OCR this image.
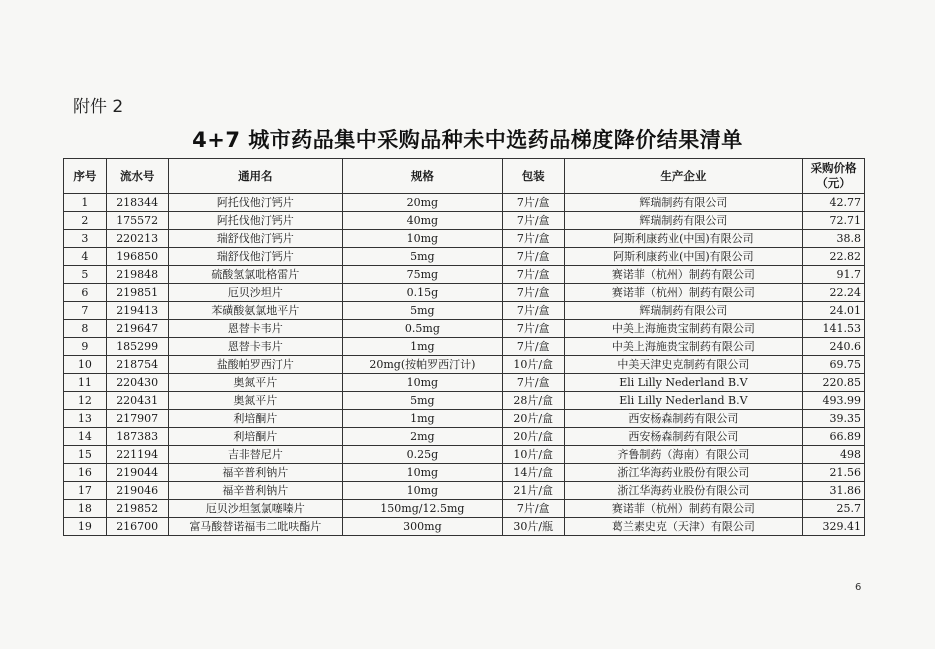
附件 2
4+7 城市药品集中采购品种未中选药品梯度降价结果清单
序号	流水号	通用名	规格	包装	生产企业	采购价格
（元）
1	218344	阿托伐他汀钙片	20mg	7片/盒	辉瑞制药有限公司	42.77
2	175572	阿托伐他汀钙片	40mg	7片/盒	辉瑞制药有限公司	72.71
3	220213	瑞舒伐他汀钙片	10mg	7片/盒	阿斯利康药业(中国)有限公司	38.8
4	196850	瑞舒伐他汀钙片	5mg	7片/盒	阿斯利康药业(中国)有限公司	22.82
5	219848	硫酸氢氯吡格雷片	75mg	7片/盒	赛诺菲（杭州）制药有限公司	91.7
6	219851	厄贝沙坦片	0.15g	7片/盒	赛诺菲（杭州）制药有限公司	22.24
7	219413	苯磺酸氨氯地平片	5mg	7片/盒	辉瑞制药有限公司	24.01
8	219647	恩替卡韦片	0.5mg	7片/盒	中美上海施贵宝制药有限公司	141.53
9	185299	恩替卡韦片	1mg	7片/盒	中美上海施贵宝制药有限公司	240.6
10	218754	盐酸帕罗西汀片	20mg(按帕罗西汀计)	10片/盒	中美天津史克制药有限公司	69.75
11	220430	奥氮平片	10mg	7片/盒	Eli Lilly Nederland B.V	220.85
12	220431	奥氮平片	5mg	28片/盒	Eli Lilly Nederland B.V	493.99
13	217907	利培酮片	1mg	20片/盒	西安杨森制药有限公司	39.35
14	187383	利培酮片	2mg	20片/盒	西安杨森制药有限公司	66.89
15	221194	吉非替尼片	0.25g	10片/盒	齐鲁制药（海南）有限公司	498
16	219044	福辛普利钠片	10mg	14片/盒	浙江华海药业股份有限公司	21.56
17	219046	福辛普利钠片	10mg	21片/盒	浙江华海药业股份有限公司	31.86
18	219852	厄贝沙坦氢氯噻嗪片	150mg/12.5mg	7片/盒	赛诺菲（杭州）制药有限公司	25.7
19	216700	富马酸替诺福韦二吡呋酯片	300mg	30片/瓶	葛兰素史克（天津）有限公司	329.41
6
